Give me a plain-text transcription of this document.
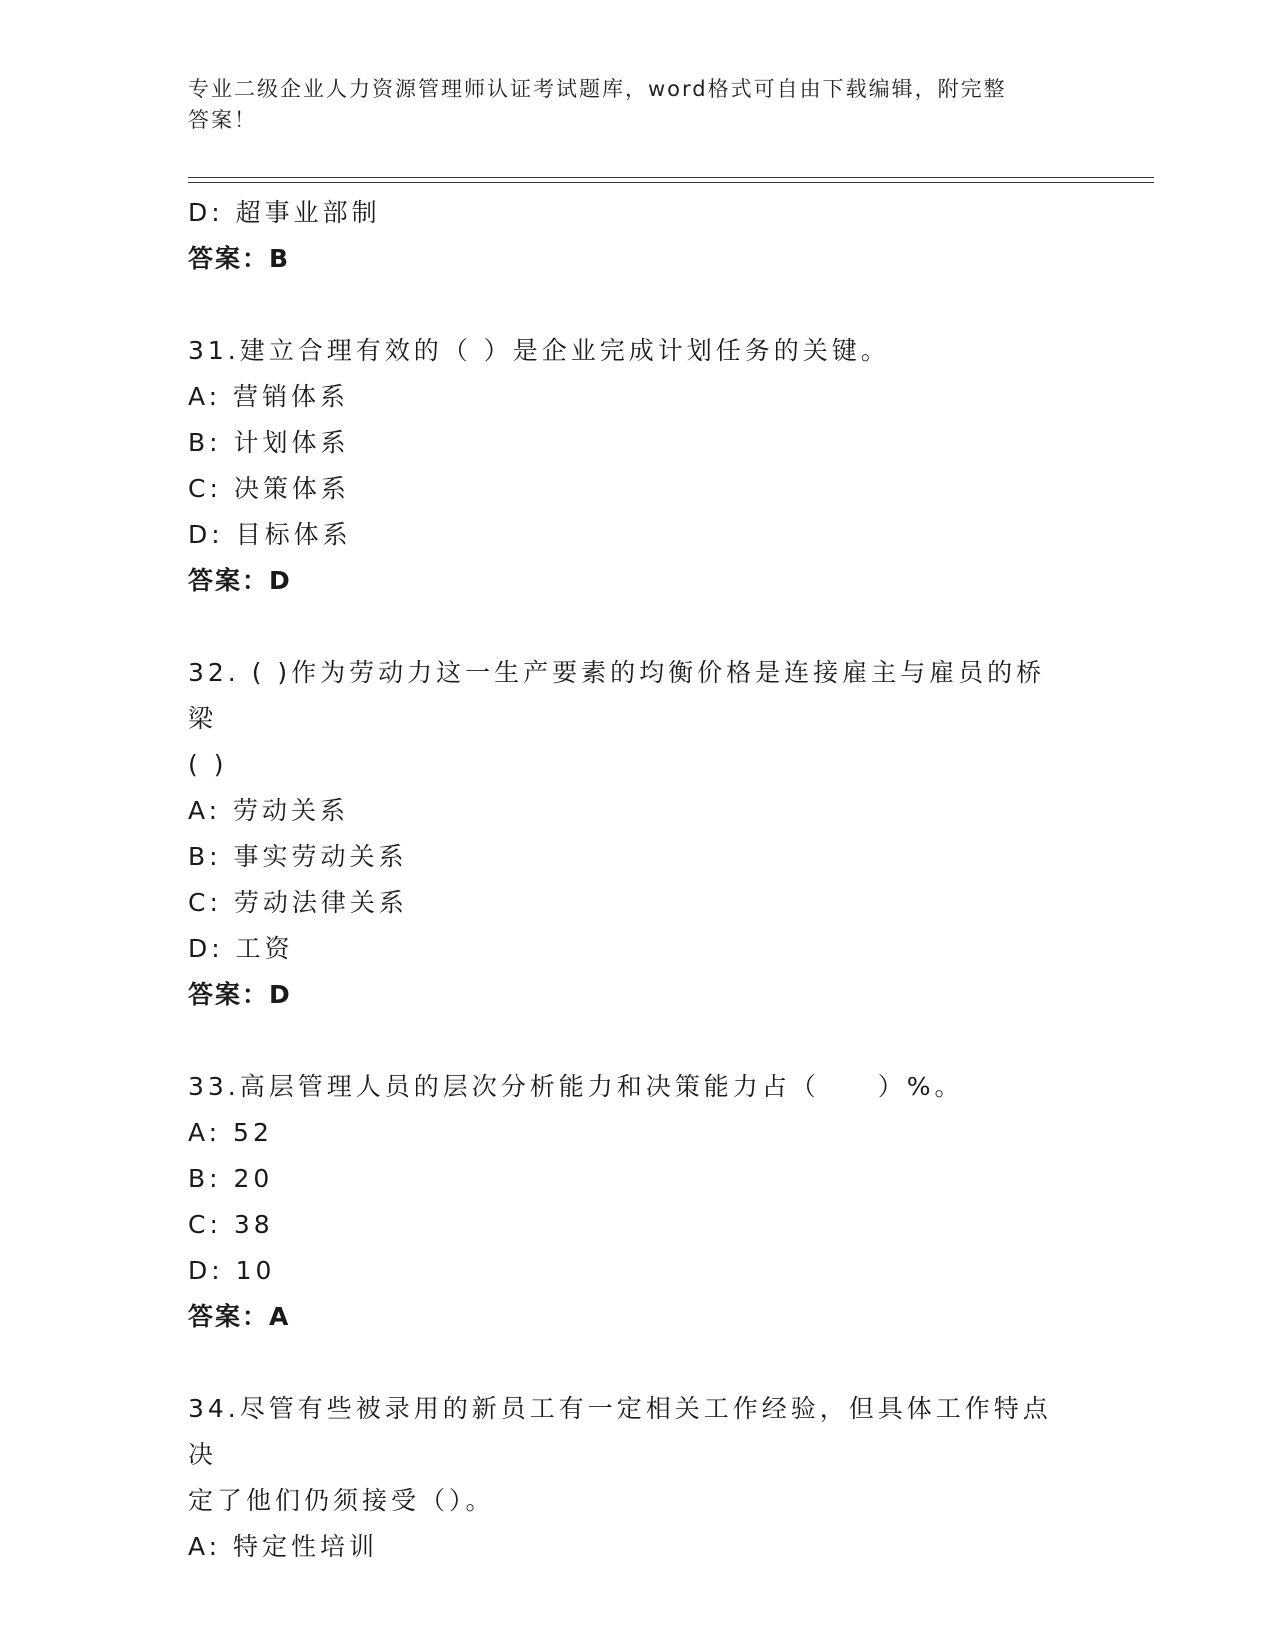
专业二级企业人力资源管理师认证考试题库，word格式可自由下载编辑，附完整
答案！
D: 超事业部制
答案：B
31.建立合理有效的（ ）是企业完成计划任务的关键。
A: 营销体系
B: 计划体系
C: 决策体系
D: 目标体系
答案：D
32. ( )作为劳动力这一生产要素的均衡价格是连接雇主与雇员的桥梁
( )
A: 劳动关系
B: 事实劳动关系
C: 劳动法律关系
D: 工资
答案：D
33.高层管理人员的层次分析能力和决策能力占（　　）%。
A: 52
B: 20
C: 38
D: 10
答案：A
34.尽管有些被录用的新员工有一定相关工作经验，但具体工作特点决
定了他们仍须接受（）。
A: 特定性培训
